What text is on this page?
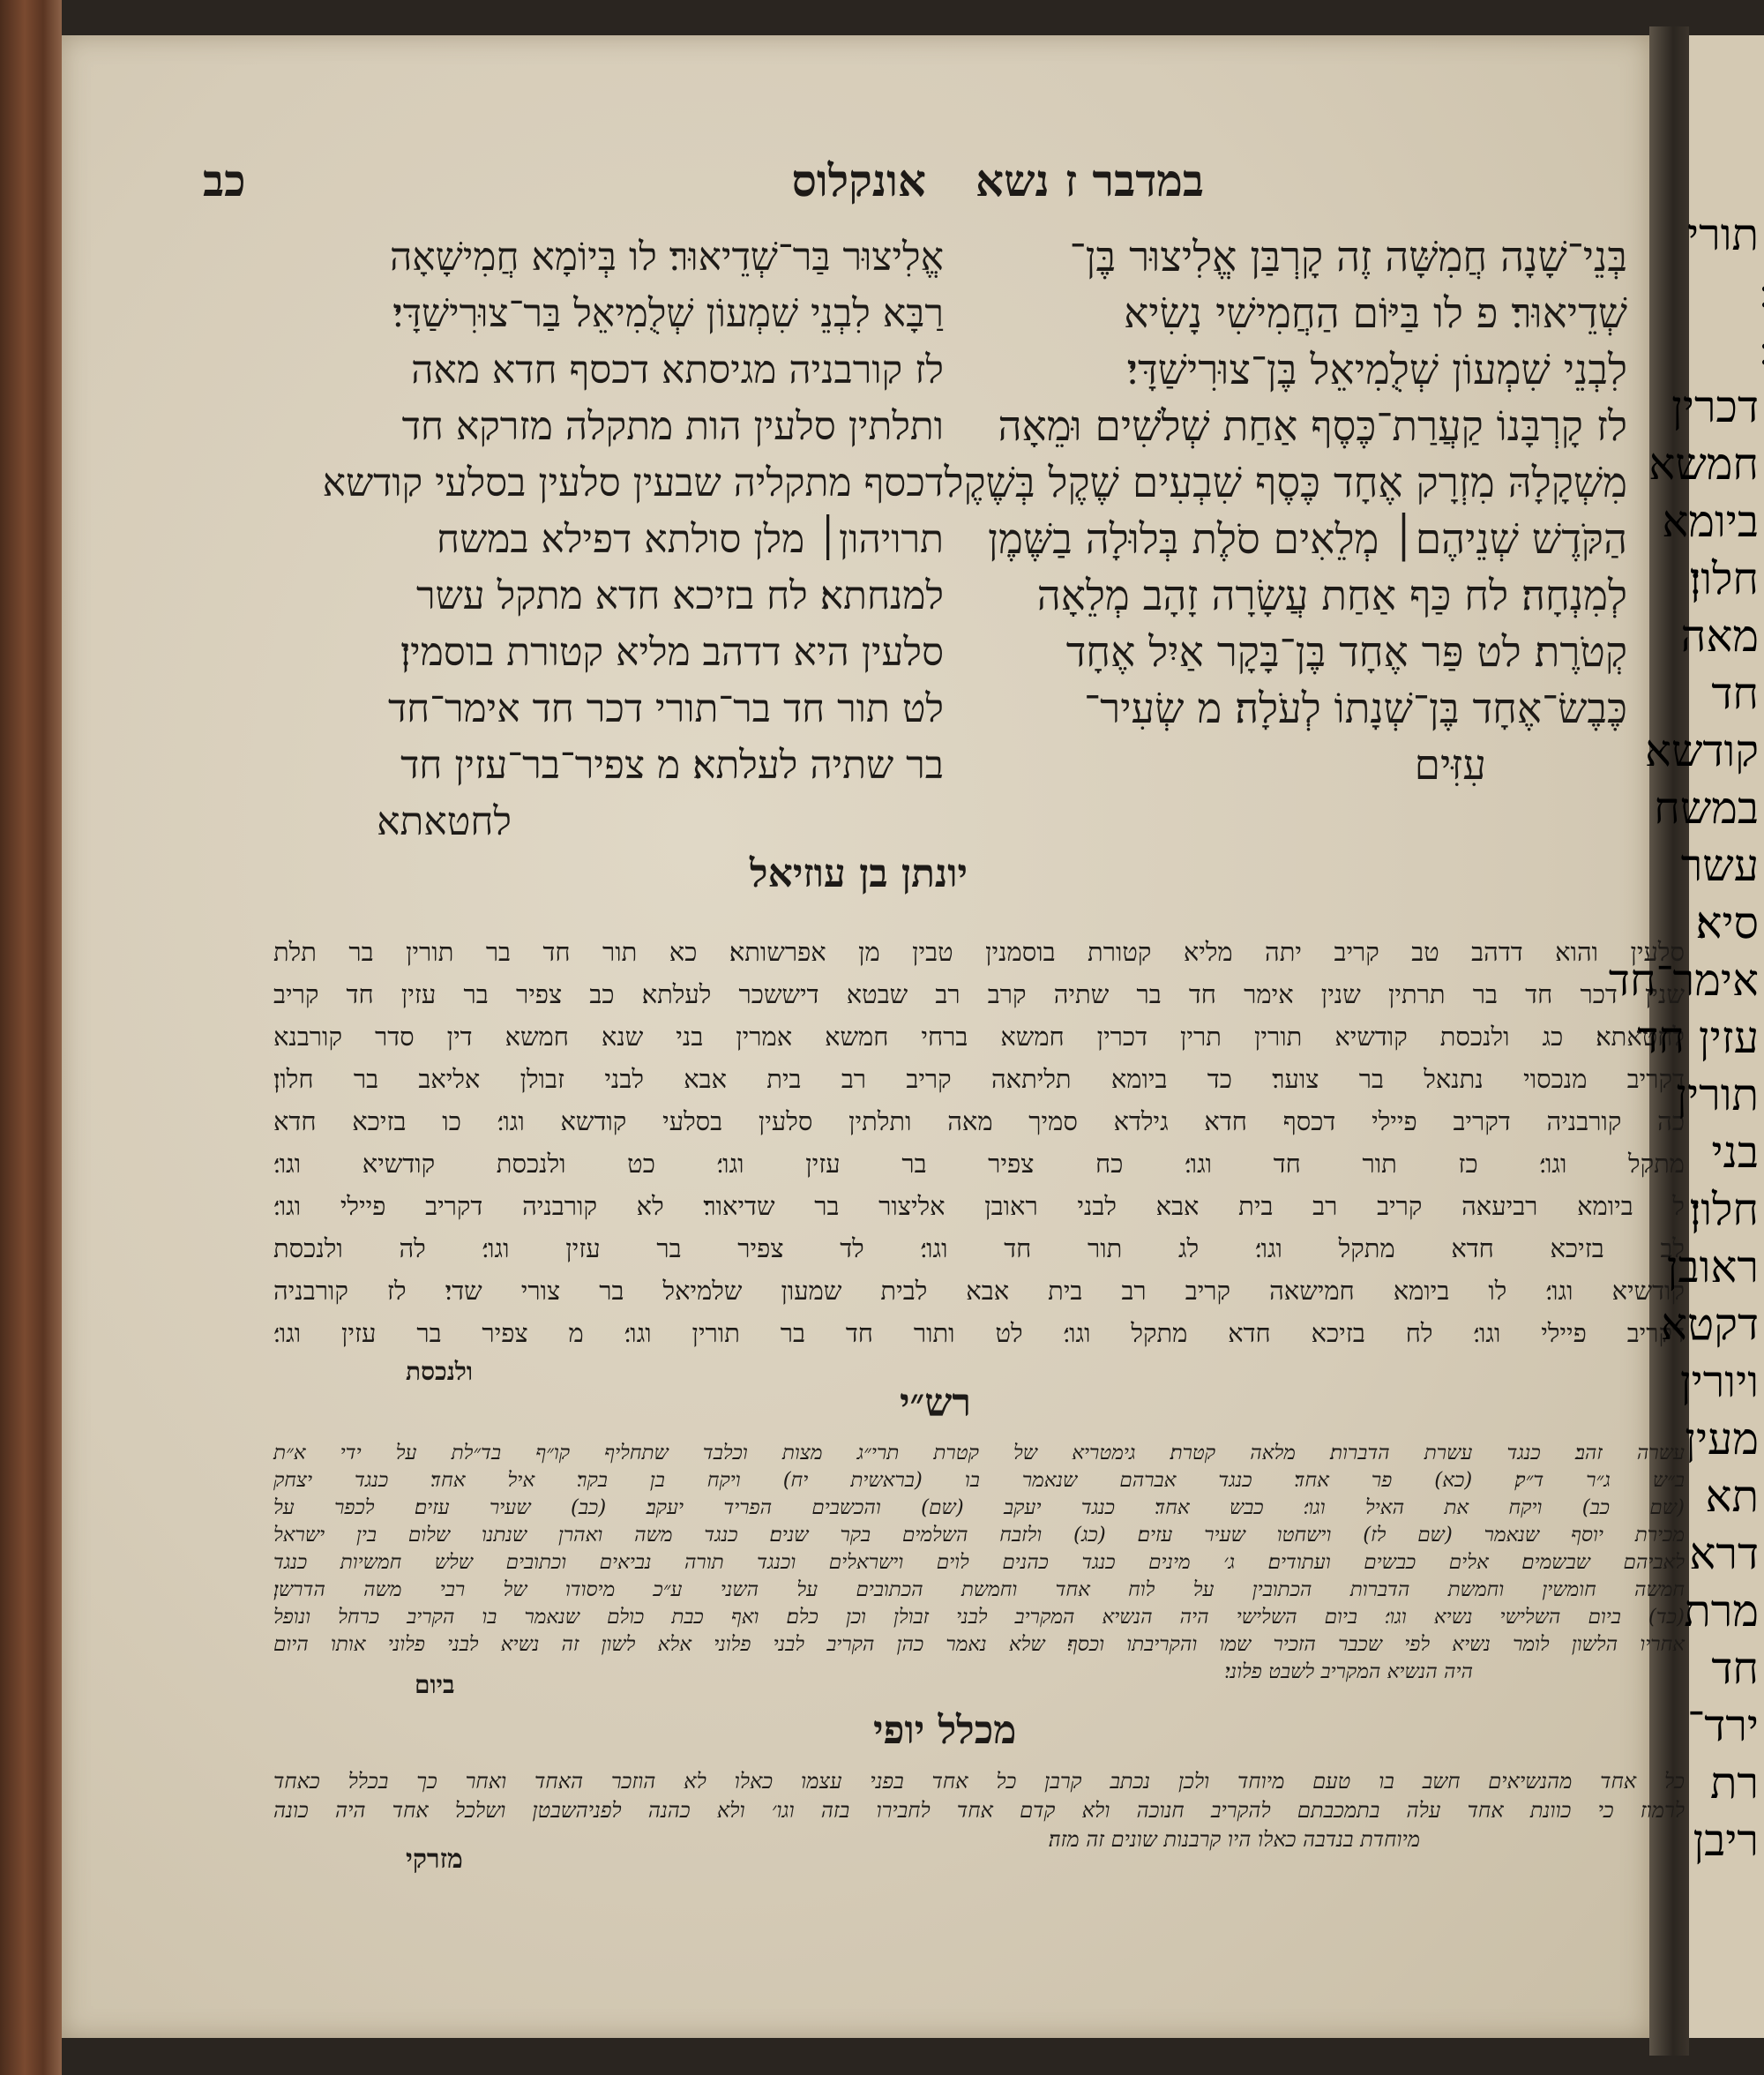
במדבר ז נשא
אונקלוס
כב
בְּנֵי־שָׁנָה חֲמִשָּׁה זֶה קָרְבַּן אֱלִיצוּר בֶּן־
שְׁדֵיאוּר׃ פ לו בַּיּוֹם הַחֲמִישִׁי נָשִׂיא
לִבְנֵי שִׁמְעוֹן שְׁלֻמִיאֵל בֶּן־צוּרִישַׁדָּי׃
לז קָרְבָּנוֹ קַעֲרַת־כֶּסֶף אַחַת שְׁלֹשִׁים וּמֵאָה
מִשְׁקָלָהּ מִזְרָק אֶחָד כֶּסֶף שִׁבְעִים שֶׁקֶל בְּשֶׁקֶל
הַקֹּדֶשׁ שְׁנֵיהֶם׀ מְלֵאִים סֹלֶת בְּלוּלָה בַשֶּׁמֶן
לְמִנְחָה׃ לח כַּף אַחַת עֲשָׂרָה זָהָב מְלֵאָה
קְטֹרֶת׃ לט פַּר אֶחָד בֶּן־בָּקָר אַיִל אֶחָד
כֶּבֶשׂ־אֶחָד בֶּן־שְׁנָתוֹ לְעֹלָה׃ מ שְׂעִיר־
עִזִּים
אֱלִיצוּר בַּר־שְׁדֵיאוּר׃ לו בְּיוֹמָא חֲמִישָׁאָה
רַבָּא לִבְנֵי שִׁמְעוֹן שְׁלֻמִיאֵל בַּר־צוּרִישַׁדָּי׃
לז קורבניה מגיסתא דכסף חדא מאה
ותלתין סלעין הות מתקלה מזרקא חד
דכסף מתקליה שבעין סלעין בסלעי קודשא
תרויהון׀ מלן סולתא דפילא במשח
למנחתא׃ לח בזיכא חדא מתקל עשר
סלעין היא דדהב מליא קטורת בוסמין׃
לט תור חד בר־תורי דכר חד אימר־חד
בר שתיה לעלתא׃ מ צפיר־בר־עזין חד
לחטאתא
יונתן בן עוזיאל
סלעין והוא דדהב טב קריב יתה מליא קטורת בוסמנין טבין מן אפרשותא׃ כא תור חד בר תורין בר תלת
שנין דכר חד בר תרתין שנין אימר חד בר שתיה קרב רב שבטא דיששכר לעלתא׃ כב צפיר בר עזין חד קריב
לחטאתא׃ כג ולנכסת קודשיא תורין תרין דכרין חמשא ברחי חמשא אמרין בני שנא חמשא דין סדר קורבנא
דקריב מנכסוי נתנאל בר צוער׃ כד ביומא תליתאה קריב רב בית אבא לבני זבולן אליאב בר חלון׃
כה קורבניה דקריב פיילי דכסף חדא גילדא סמיך מאה ותלתין סלעין בסלעי קודשא וגו׳׃ כו בזיכא חדא
מתקל וגו׳׃ כז תור חד וגו׳׃ כח צפיר בר עזין וגו׳׃ כט ולנכסת קודשיא וגו׳׃
ל ביומא רביעאה קריב רב בית אבא לבני ראובן אליצור בר שדיאור׃ לא קורבניה דקריב פיילי וגו׳׃
לב בזיכא חדא מתקל וגו׳׃ לג תור חד וגו׳׃ לד צפיר בר עזין וגו׳׃ לה ולנכסת
קודשיא וגו׳׃ לו ביומא חמישאה קריב רב בית אבא לבית שמעון שלמיאל בר צורי שדי׃ לז קורבניה
דקריב פיילי וגו׳׃ לח בזיכא חדא מתקל וגו׳׃ לט ותור חד בר תורין וגו׳׃ מ צפיר בר עזין וגו׳׃
ולנכסת
רש״י
עשרה זהב׃ כנגד עשרת הדברות׃ מלאה קטרת׃ גימטריא של קטרת תרי״ג מצות וכלבד שתחליף קו״ף בד״לת על ידי א״ת
ב״ש ג״ר ד״ק׃ (כא) פר אחד׃ כנגד אברהם שנאמר בו (בראשית יח) ויקח בן בקר׃ איל אחד׃ כנגד יצחק
(שם כב) ויקח את האיל וגו׳׃ כבש אחד׃ כנגד יעקב (שם) והכשבים הפריד יעקב׃ (כב) שעיר עזים׃ לכפר על
מכירת יוסף שנאמר (שם לז) וישחטו שעיר עזים׃ (כג) ולזבח השלמים בקר שנים׃ כנגד משה ואהרן שנתנו שלום בין ישראל
לאביהם שבשמים׃ אלים כבשים ועתודים׃ ג׳ מינים כנגד כהנים לוים וישראלים וכנגד תורה נביאים וכתובים שלש חמשיות כנגד
חמשה חומשין וחמשת הדברות הכתובין על לוח אחד וחמשת הכתובים על השני ע״כ מיסודו של רבי משה הדרשן׃
(כד) ביום השלישי נשיא וגו׳׃ ביום השלישי היה הנשיא המקריב לבני זבולן וכן כלם׃ ואף כבת כולם שנאמר בו הקריב כרחל ונופל
אחריו הלשון לומר נשיא לפי שכבר הזכיר שמו והקריבתו וכסף׃ שלא נאמר כהן הקריב לבני פלוני אלא לשון זה נשיא לבני פלוני אותו היום
היה הנשיא המקריב לשבט פלוני׃
ביום
מכלל יופי
כל אחד מהנשיאים חשב בו טעם מיוחד ולכן נכתב קרבן כל אחד בפני עצמו כאלו לא הוזכר האחד ואחר כך בכלל כאחד
לרמוז כי כוונת אחד עלה בתמכבתם להקריב חנוכה ולא קדם אחד לחבירו בזה וגו׳ ולא כהנה לפניהשבטן ושלכל אחד היה כונה
מיוחדת בנדבה כאלו היו קרבנות שונים זה מזה׃
מזרקי
תורי
דכרין
חמשא
ביומא
חלון׃
מאה
חד
קודשא
במשח
עשר
סיא׃
אימר־חד
עזין חד
תורין
בני
חלון׃
ראובן
דקטא
ויורין
מעין
תא
דרא
מרת
חד
ירד־
רת
ריבן
